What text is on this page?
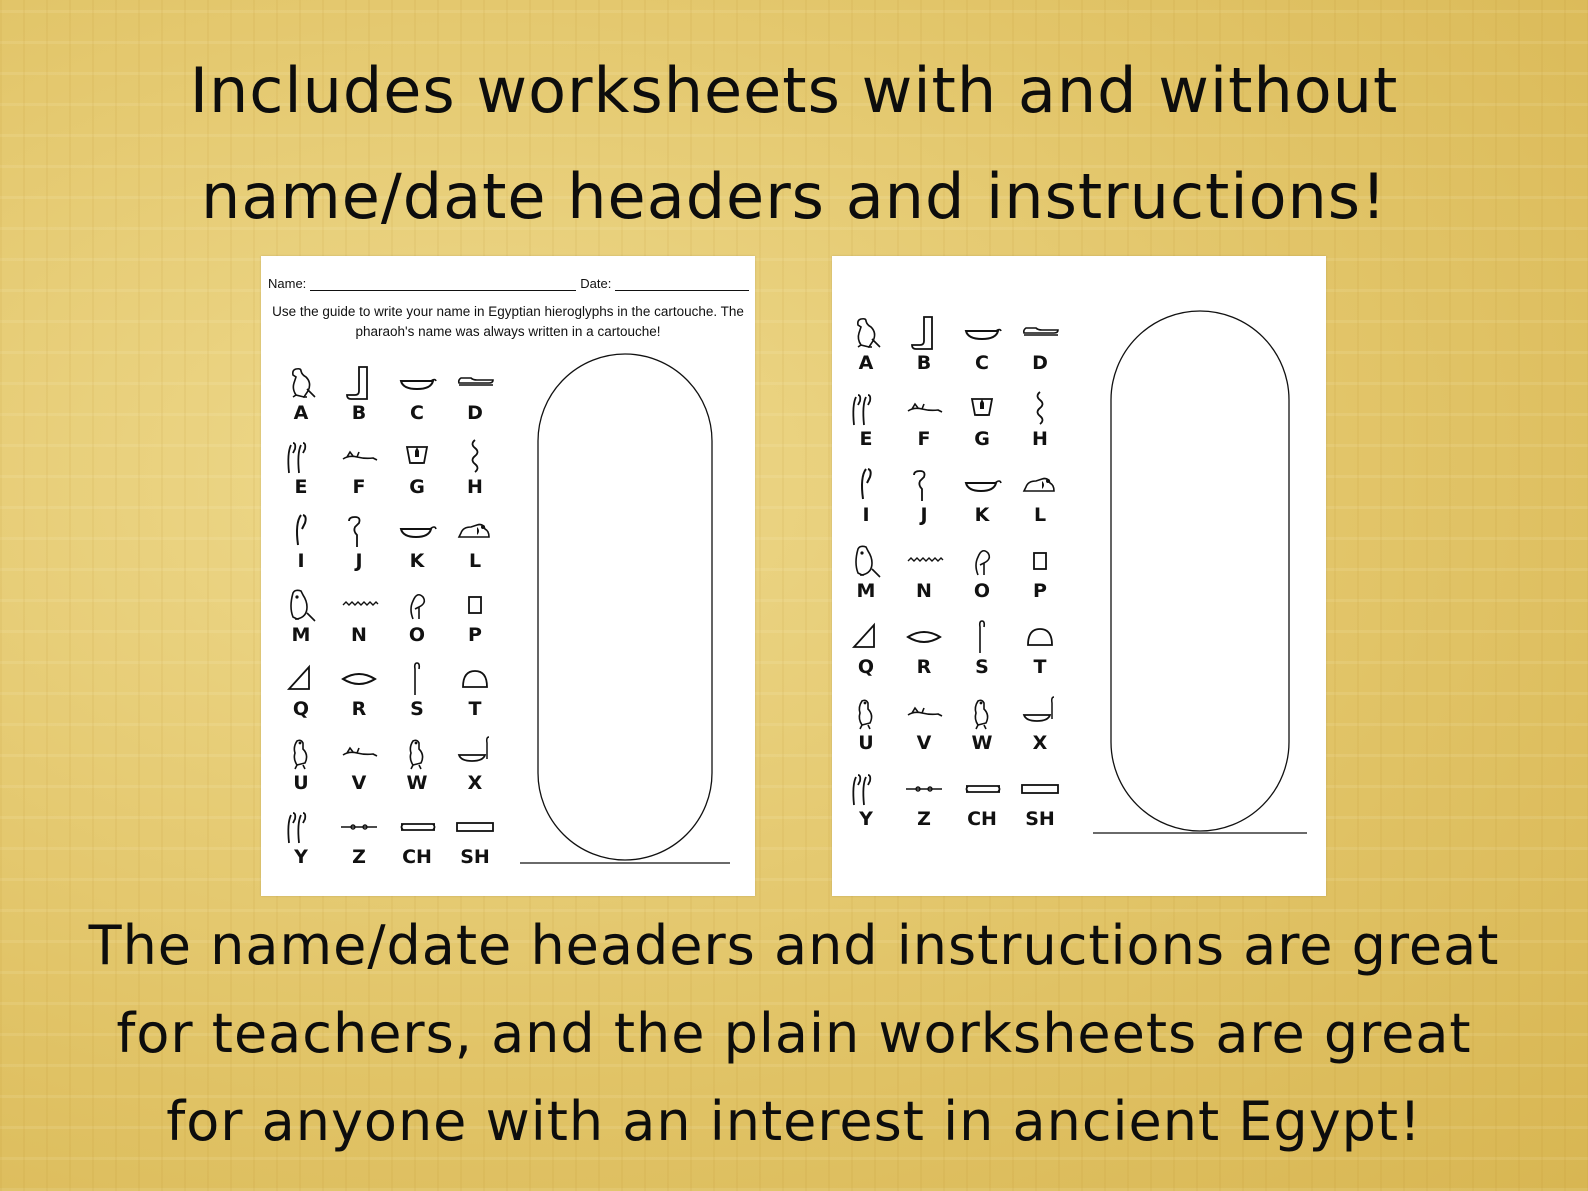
Includes worksheets with and without
name/date headers and instructions!
Name:	Date:
Use the guide to write your name in Egyptian hieroglyphs in the cartouche. The pharaoh's name was always written in a cartouche!
A B C D
E F G H
I	J K L
M N O P
Q R S T
U V W X
Y Z CH SH
A B C D
E F G H
I	J K L
M N O P
Q R S T
U V W X
Y Z CH SH

The name/date headers and instructions are great
for teachers, and the plain worksheets are great
for anyone with an interest in ancient Egypt!
